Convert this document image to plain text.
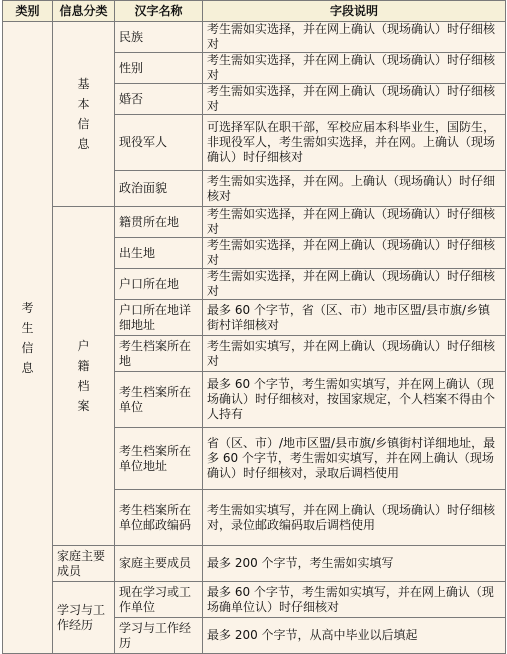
类别	信息分类	汉字名称	字段说明

考生信息	基本信息	民族	考生需如实选择，并在网上确认（现场确认）时仔细核对
		性别	考生需如实选择，并在网上确认（现场确认）时仔细核对
		婚否	考生需如实选择，并在网上确认（现场确认）时仔细核对
		现役军人	可选择军队在职干部，军校应届本科毕业生，国防生，非现役军人，考生需如实选择，并在网。上确认（现场确认）时仔细核对
		政治面貌	考生需如实选择，并在网。上确认（现场确认）时仔细核对

	户籍档案	籍贯所在地	考生需如实选择，并在网上确认（现场确认）时仔细核对
		出生地	考生需如实选择，并在网上确认（现场确认）时仔细核对
		户口所在地	考生需如实选择，并在网上确认（现场确认）时仔细核对
		户口所在地详细地址	最多 60 个字节，省（区、市）地市区盟/县市旗/乡镇街村详细核对
		考生档案所在地	考生需如实填写，并在网上确认（现场确认）时仔细核对
		考生档案所在单位	最多 60 个字节，考生需如实填写，并在网上确认（现场确认）时仔细核对，按国家规定，个人档案不得由个人持有
		考生档案所在单位地址	省（区、市）/地市区盟/县市旗/乡镇街村详细地址，最多 60 个字节，考生需如实填写，并在网上确认（现场确认）时仔细核对，录取后调档使用
		考生档案所在单位邮政编码	考生需如实填写，并在网上确认（现场确认）时仔细核对，录位邮政编码取后调档使用
	家庭主要成员	家庭主要成员	最多 200 个字节，考生需如实填写
	学习与工作经历	现在学习或工作单位	最多 60 个字节，考生需如实填写，并在网上确认（现场确单位认）时仔细核对
		学习与工作经历	最多 200 个字节，从高中毕业以后填起
